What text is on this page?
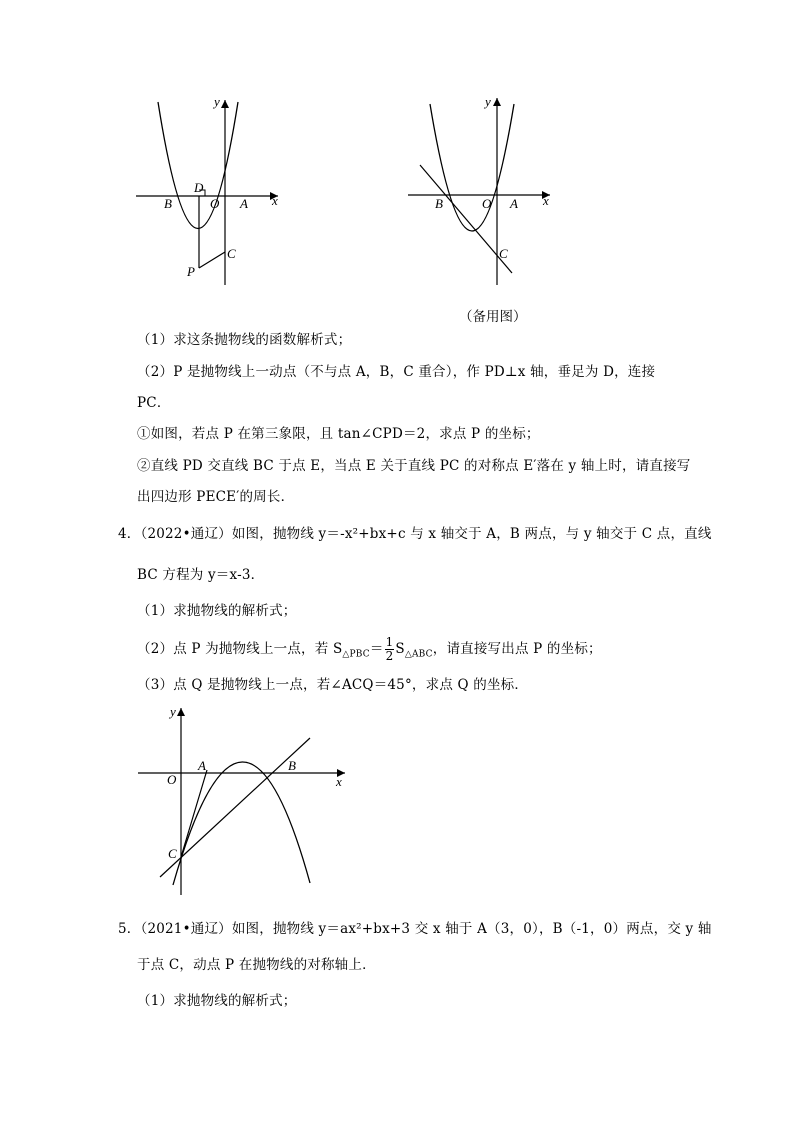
y
x
D
B	O A
C
P
y
x
B	O A
C
（备用图）
（1）求这条抛物线的函数解析式；
（2）P 是抛物线上一动点（不与点 A，B，C 重合），作 PD⊥x 轴，垂足为 D，连接
PC．
①如图，若点 P 在第三象限，且 tan∠CPD＝2，求点 P 的坐标；
②直线 PD 交直线 BC 于点 E，当点 E 关于直线 PC 的对称点 E′落在 y 轴上时，请直接写
出四边形 PECE′的周长．
4．（2022•通辽）如图，抛物线 y＝-x²+bx+c 与 x 轴交于 A，B 两点，与 y 轴交于 C 点，直线
BC 方程为 y＝x-3．
（1）求抛物线的解析式；
（2）点 P 为抛物线上一点，若 $S_{\triangle PBC}= \frac{1}{2} S_{\triangle ABC}$，请直接写出点 P 的坐标；
（3）点 Q 是抛物线上一点，若∠ACQ＝45°，求点 Q 的坐标．
y
x
O
A	B
C
5．（2021•通辽）如图，抛物线 y＝ax²+bx+3 交 x 轴于 A（3，0），B（-1，0）两点，交 y 轴
于点 C，动点 P 在抛物线的对称轴上．
（1）求抛物线的解析式；
